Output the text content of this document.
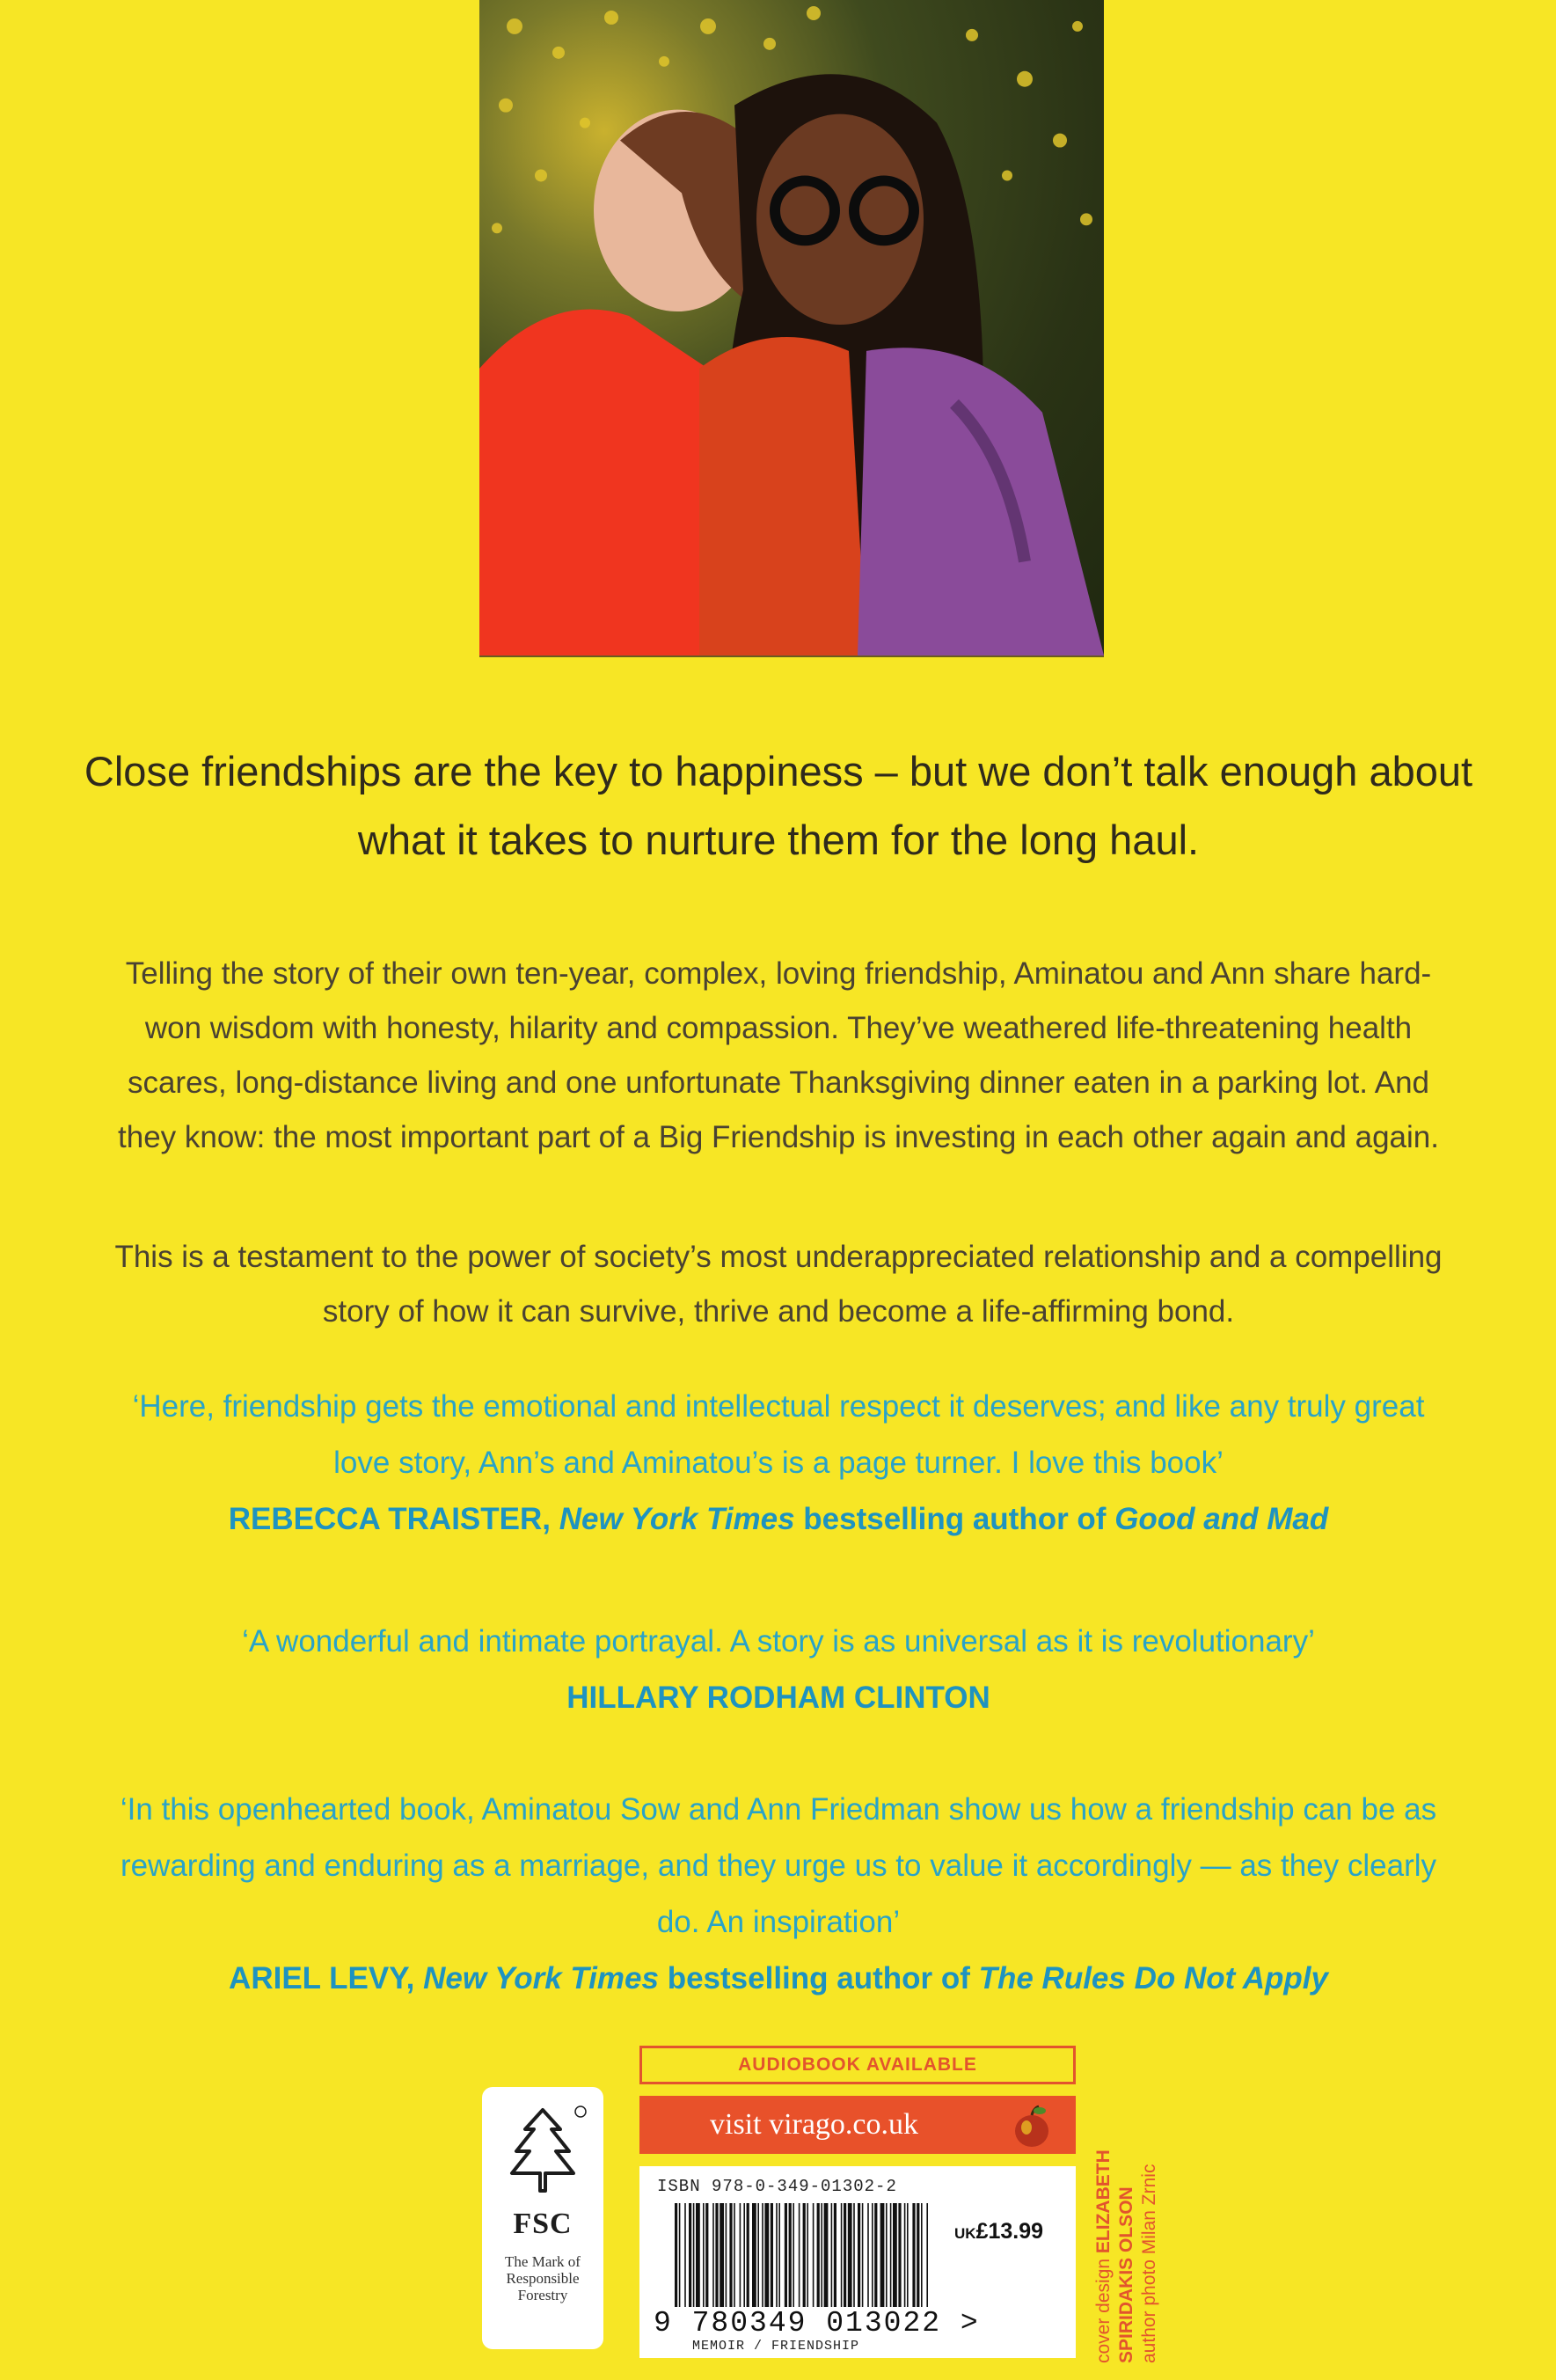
Close friendships are the key to happiness – but we don’t talk enough about what it takes to nurture them for the long haul.

Telling the story of their own ten-year, complex, loving friendship, Aminatou and Ann share hard-won wisdom with honesty, hilarity and compassion. They’ve weathered life-threatening health scares, long-distance living and one unfortunate Thanksgiving dinner eaten in a parking lot. And they know: the most important part of a Big Friendship is investing in each other again and again.

This is a testament to the power of society’s most underappreciated relationship and a compelling story of how it can survive, thrive and become a life-affirming bond.

‘Here, friendship gets the emotional and intellectual respect it deserves; and like any truly great love story, Ann’s and Aminatou’s is a page turner. I love this book’
REBECCA TRAISTER, New York Times bestselling author of Good and Mad
‘A wonderful and intimate portrayal. A story is as universal as it is revolutionary’
HILLARY RODHAM CLINTON
‘In this openhearted book, Aminatou Sow and Ann Friedman show us how a friendship can be as rewarding and enduring as a marriage, and they urge us to value it accordingly — as they clearly do. An inspiration’
ARIEL LEVY, New York Times bestselling author of The Rules Do Not Apply
FSC
The Mark of
Responsible
Forestry
AUDIOBOOK AVAILABLE
visit virago.co.uk
ISBN 978-0-349-01302-2
UK£13.99
9 780349 013022 >
MEMOIR / FRIENDSHIP	cover design ELIZABETH SPIRIDAKIS OLSON author photo Milan Zrnic
